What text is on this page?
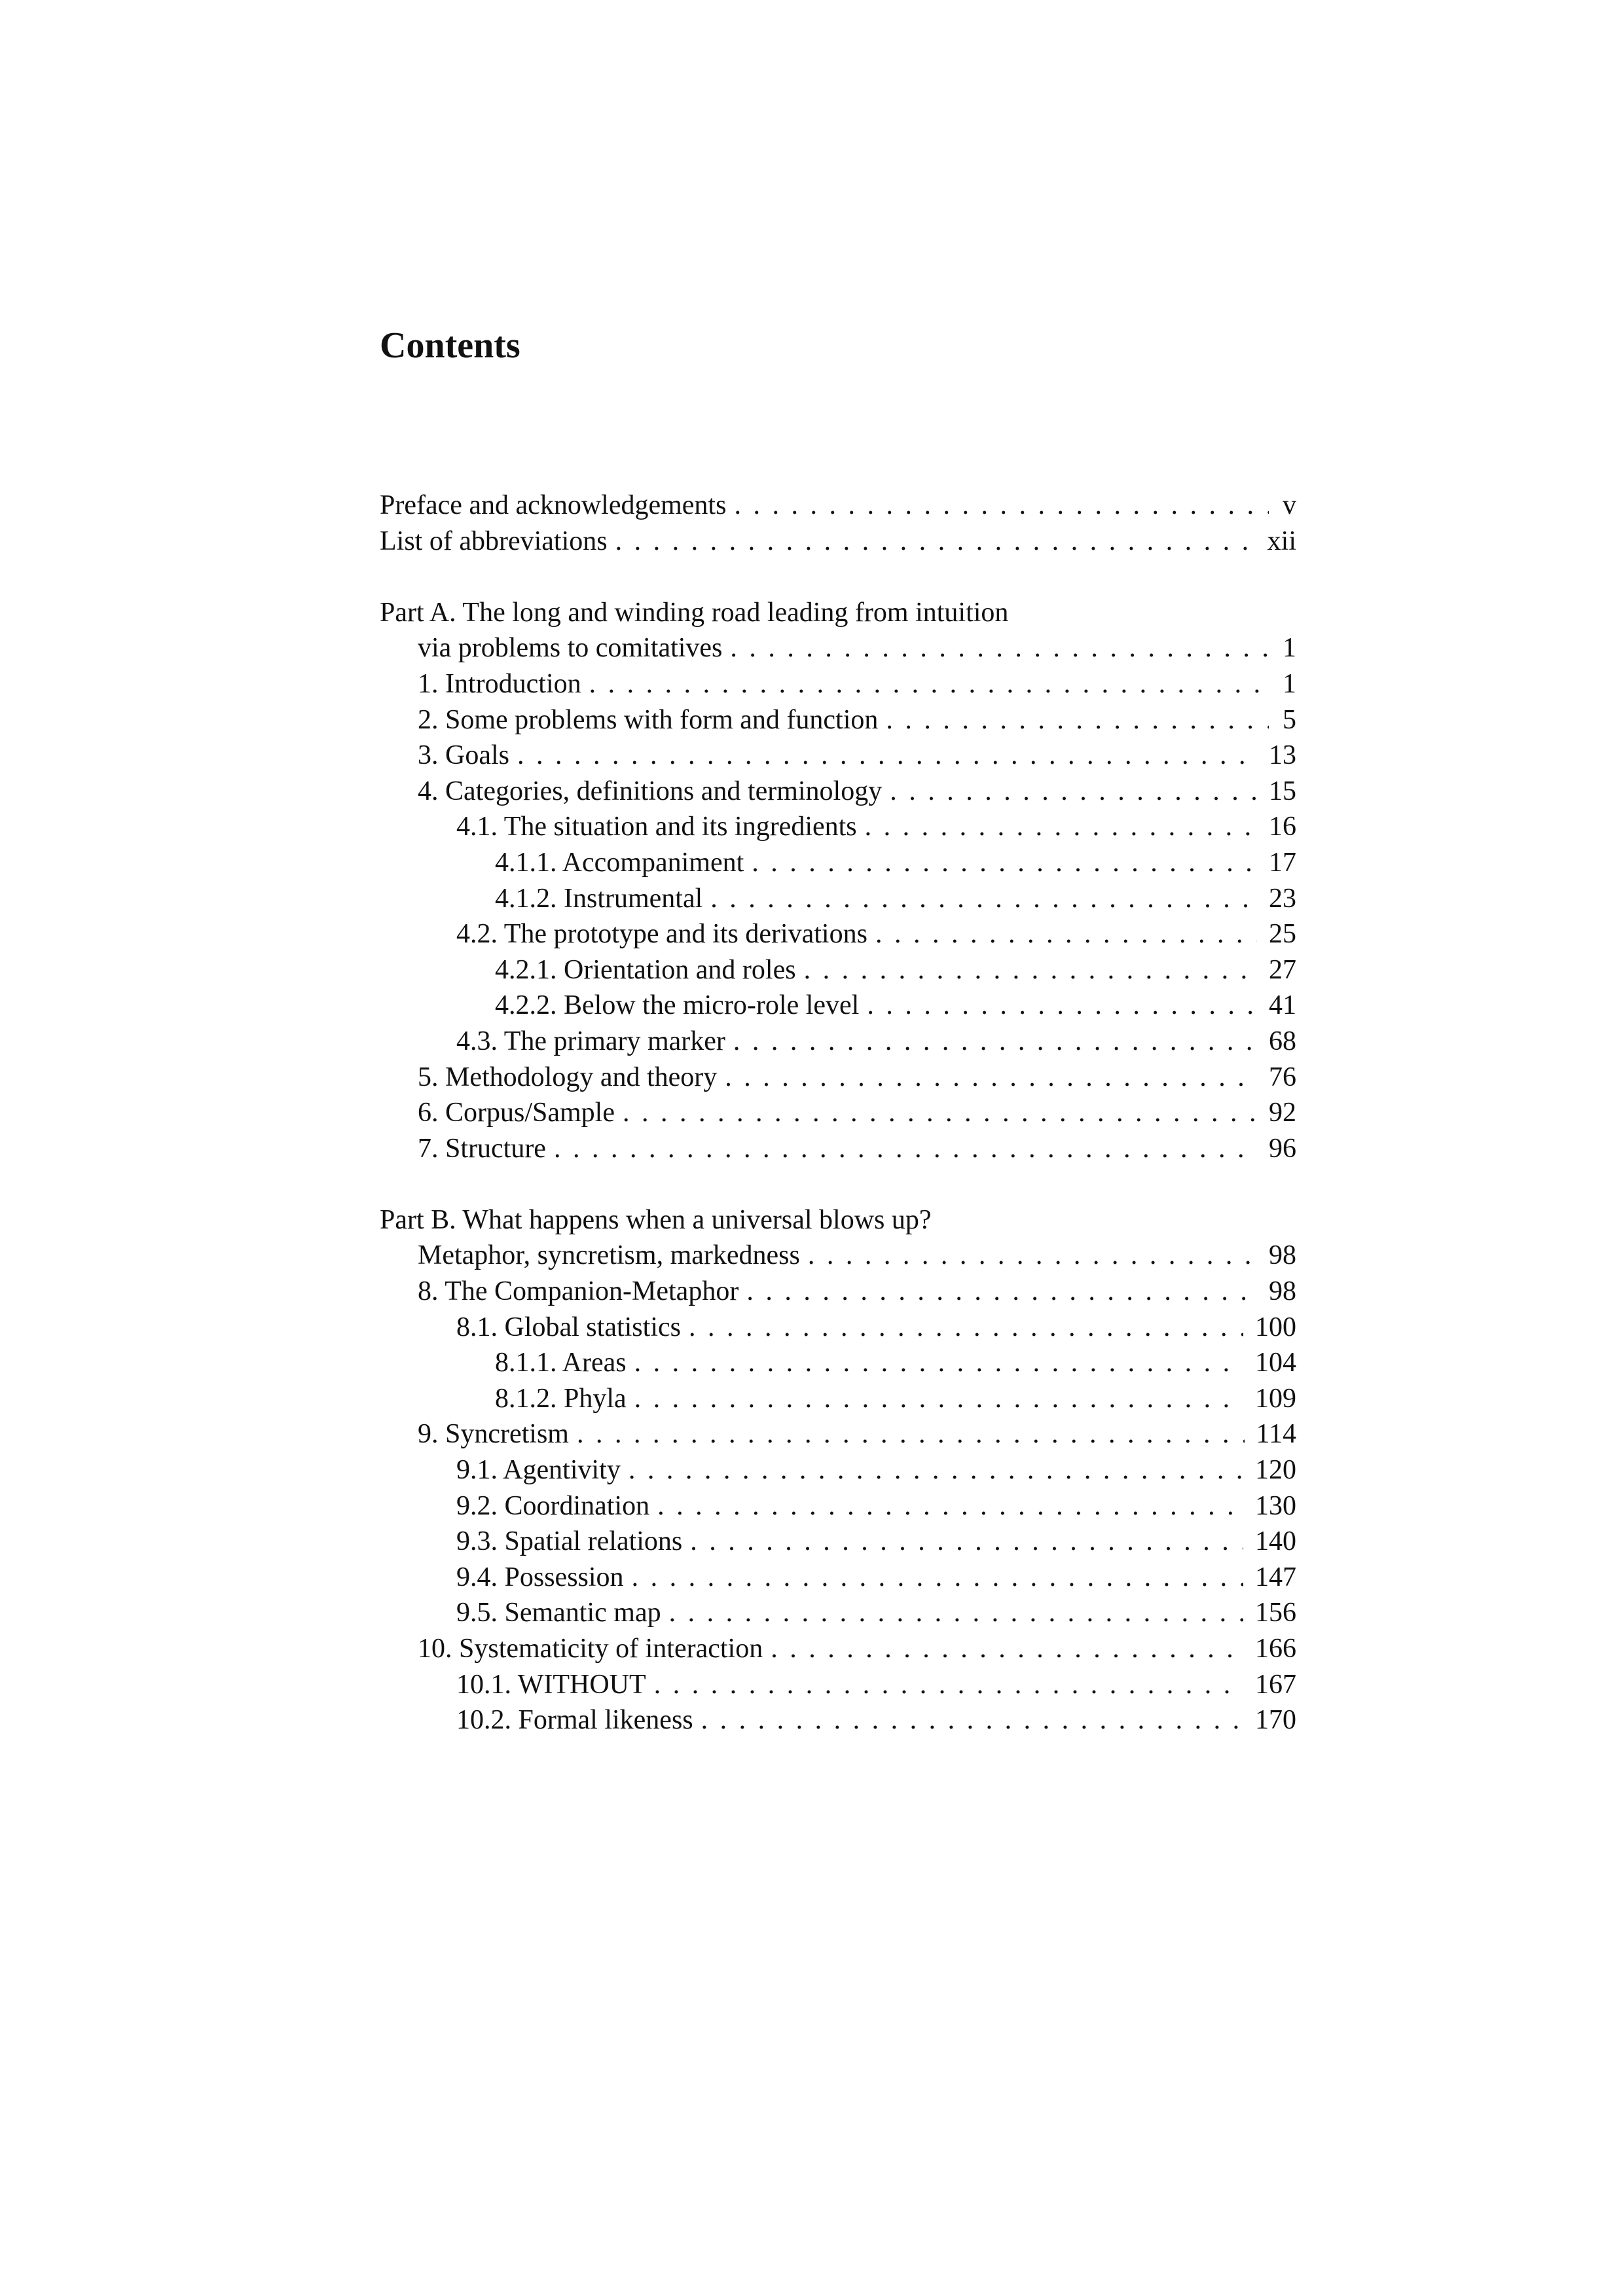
Contents
Preface and acknowledgements . . .	v
List of abbreviations . . .	xii
Part A. The long and winding road leading from intuition
via problems to comitatives . . .	1
1. Introduction . . .	1
2. Some problems with form and function . . .	5
3. Goals . . .	13
4. Categories, definitions and terminology . . .	15
4.1. The situation and its ingredients . . .	16
4.1.1. Accompaniment . . .	17
4.1.2. Instrumental . . .	23
4.2. The prototype and its derivations . . .	25
4.2.1. Orientation and roles . . .	27
4.2.2. Below the micro-role level . . .	41
4.3. The primary marker . . .	68
5. Methodology and theory . . .	76
6. Corpus/Sample . . .	92
7. Structure . . .	96
Part B. What happens when a universal blows up?
Metaphor, syncretism, markedness . . .	98
8. The Companion-Metaphor . . .	98
8.1. Global statistics . . .	100
8.1.1. Areas . . .	104
8.1.2. Phyla . . .	109
9. Syncretism . . .	114
9.1. Agentivity . . .	120
9.2. Coordination . . .	130
9.3. Spatial relations . . .	140
9.4. Possession . . .	147
9.5. Semantic map . . .	156
10. Systematicity of interaction . . .	166
10.1. WITHOUT . . .	167
10.2. Formal likeness . . .	170
